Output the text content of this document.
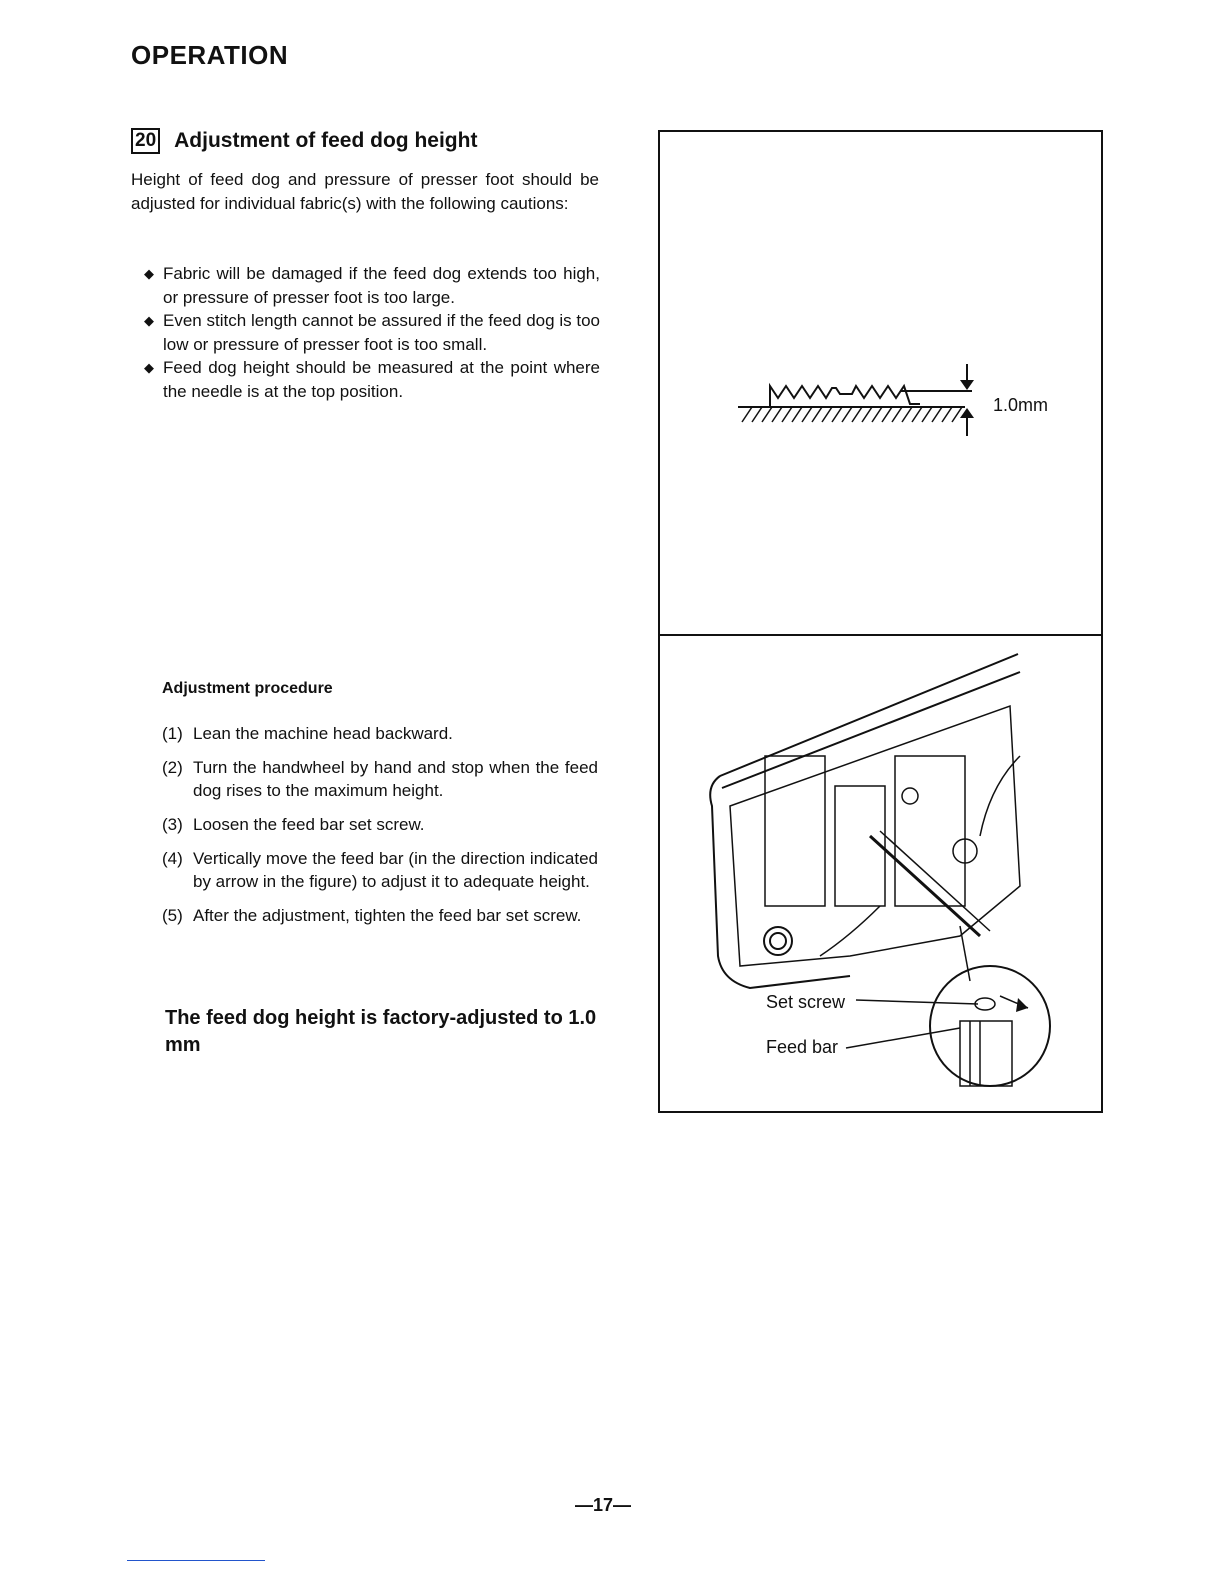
OPERATION
20 Adjustment of feed dog height
Height of feed dog and pressure of presser foot should be adjusted for individual fabric(s) with the following cautions:
◆ Fabric will be damaged if the feed dog extends too high, or pressure of presser foot is too large.
◆ Even stitch length cannot be assured if the feed dog is too low or pressure of presser foot is too small.
◆ Feed dog height should be measured at the point where the needle is at the top position.
Adjustment procedure
(1) Lean the machine head backward.
(2) Turn the handwheel by hand and stop when the feed dog rises to the maximum height.
(3) Loosen the feed bar set screw.
(4) Vertically move the feed bar (in the direction indicated by arrow in the figure) to adjust it to adequate height.
(5) After the adjustment, tighten the feed bar set screw.
The feed dog height is factory-adjusted to 1.0 mm
1.0mm
Set screw
Feed bar
—17—
